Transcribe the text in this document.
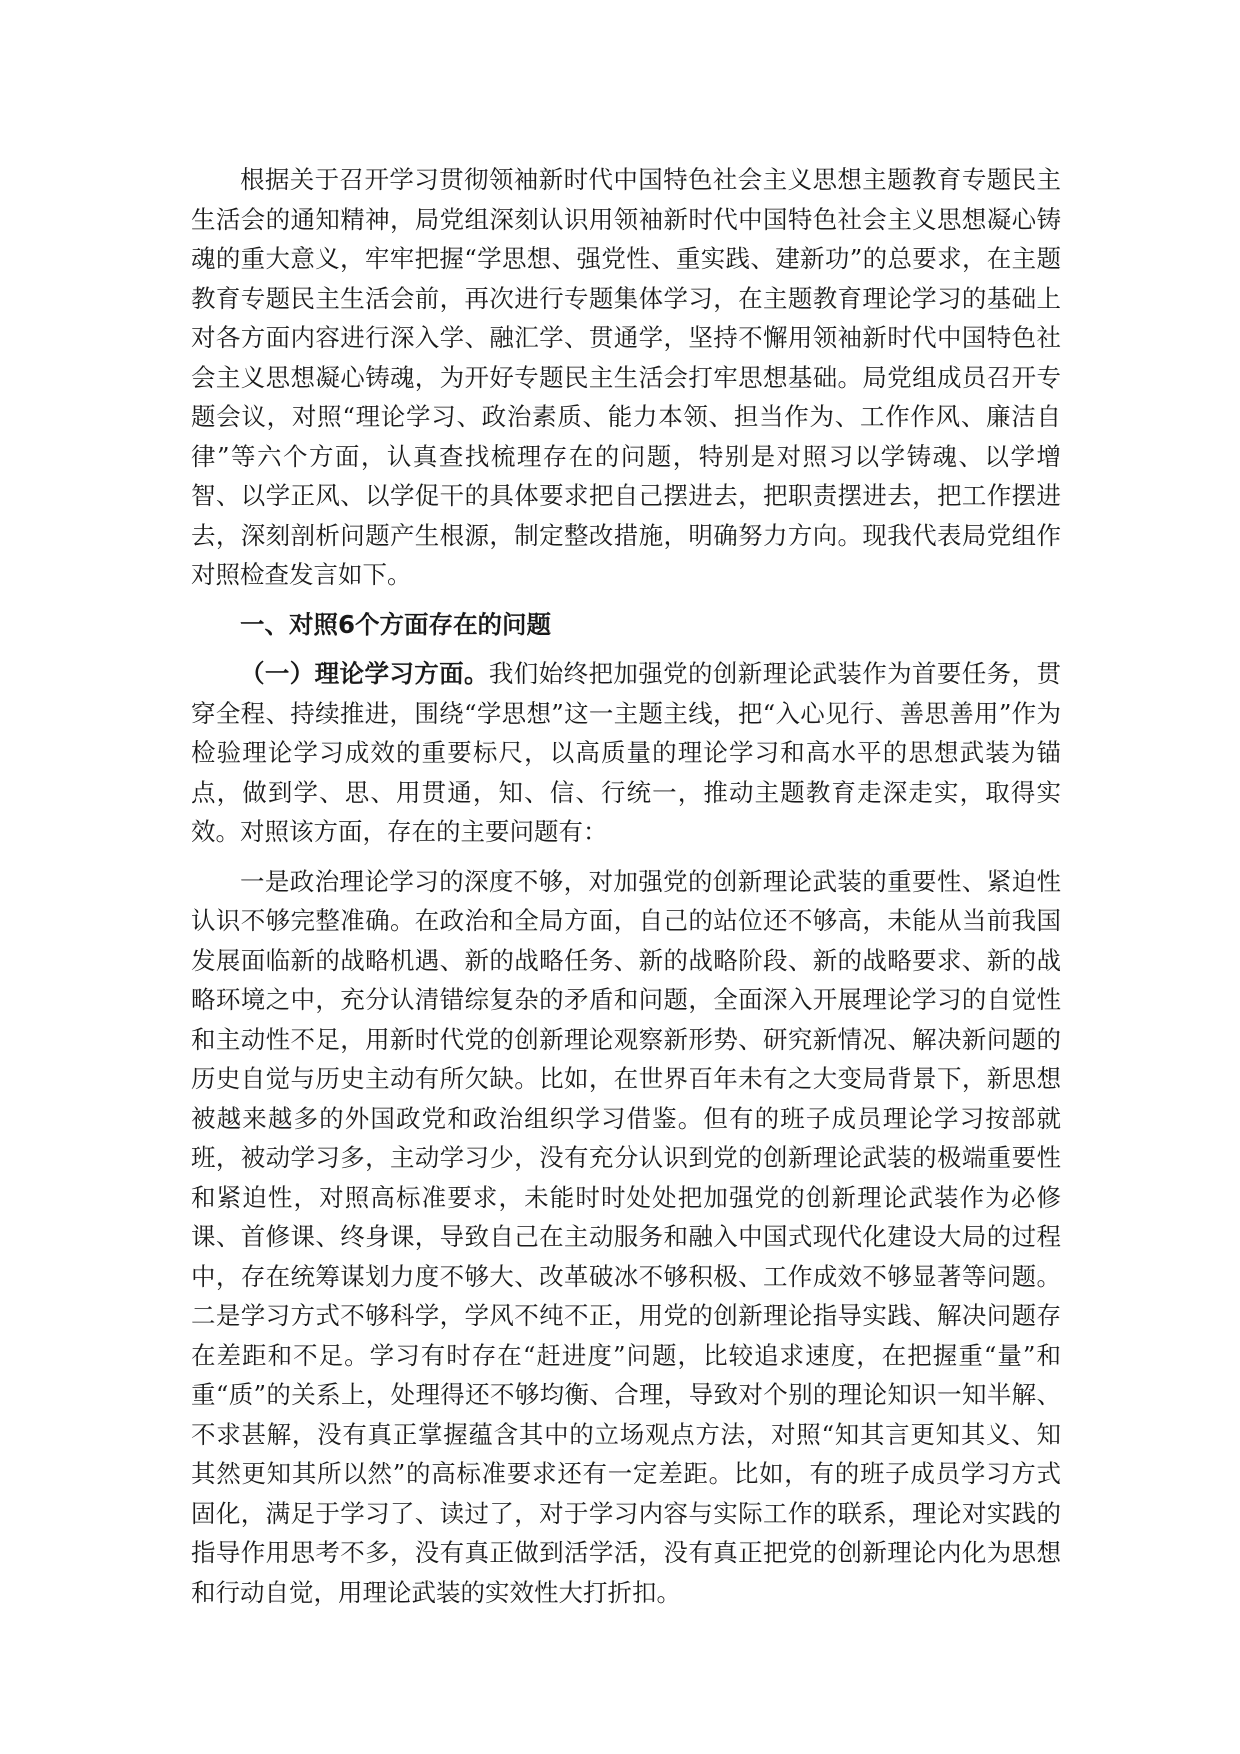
根据关于召开学习贯彻领袖新时代中国特色社会主义思想主题教育专题民主生活会的通知精神，局党组深刻认识用领袖新时代中国特色社会主义思想凝心铸魂的重大意义，牢牢把握“学思想、强党性、重实践、建新功”的总要求，在主题教育专题民主生活会前，再次进行专题集体学习，在主题教育理论学习的基础上对各方面内容进行深入学、融汇学、贯通学，坚持不懈用领袖新时代中国特色社会主义思想凝心铸魂，为开好专题民主生活会打牢思想基础。局党组成员召开专题会议，对照“理论学习、政治素质、能力本领、担当作为、工作作风、廉洁自律”等六个方面，认真查找梳理存在的问题，特别是对照习以学铸魂、以学增智、以学正风、以学促干的具体要求把自己摆进去，把职责摆进去，把工作摆进去，深刻剖析问题产生根源，制定整改措施，明确努力方向。现我代表局党组作对照检查发言如下。

一、对照6个方面存在的问题

（一）理论学习方面。我们始终把加强党的创新理论武装作为首要任务，贯穿全程、持续推进，围绕“学思想”这一主题主线，把“入心见行、善思善用”作为检验理论学习成效的重要标尺，以高质量的理论学习和高水平的思想武装为锚点，做到学、思、用贯通，知、信、行统一，推动主题教育走深走实，取得实效。对照该方面，存在的主要问题有：

一是政治理论学习的深度不够，对加强党的创新理论武装的重要性、紧迫性认识不够完整准确。在政治和全局方面，自己的站位还不够高，未能从当前我国发展面临新的战略机遇、新的战略任务、新的战略阶段、新的战略要求、新的战略环境之中，充分认清错综复杂的矛盾和问题，全面深入开展理论学习的自觉性和主动性不足，用新时代党的创新理论观察新形势、研究新情况、解决新问题的历史自觉与历史主动有所欠缺。比如，在世界百年未有之大变局背景下，新思想被越来越多的外国政党和政治组织学习借鉴。但有的班子成员理论学习按部就班，被动学习多，主动学习少，没有充分认识到党的创新理论武装的极端重要性和紧迫性，对照高标准要求，未能时时处处把加强党的创新理论武装作为必修课、首修课、终身课，导致自己在主动服务和融入中国式现代化建设大局的过程中，存在统筹谋划力度不够大、改革破冰不够积极、工作成效不够显著等问题。二是学习方式不够科学，学风不纯不正，用党的创新理论指导实践、解决问题存在差距和不足。学习有时存在“赶进度”问题，比较追求速度，在把握重“量”和重“质”的关系上，处理得还不够均衡、合理，导致对个别的理论知识一知半解、不求甚解，没有真正掌握蕴含其中的立场观点方法，对照“知其言更知其义、知其然更知其所以然”的高标准要求还有一定差距。比如，有的班子成员学习方式固化，满足于学习了、读过了，对于学习内容与实际工作的联系，理论对实践的指导作用思考不多，没有真正做到活学活，没有真正把党的创新理论内化为思想和行动自觉，用理论武装的实效性大打折扣。
